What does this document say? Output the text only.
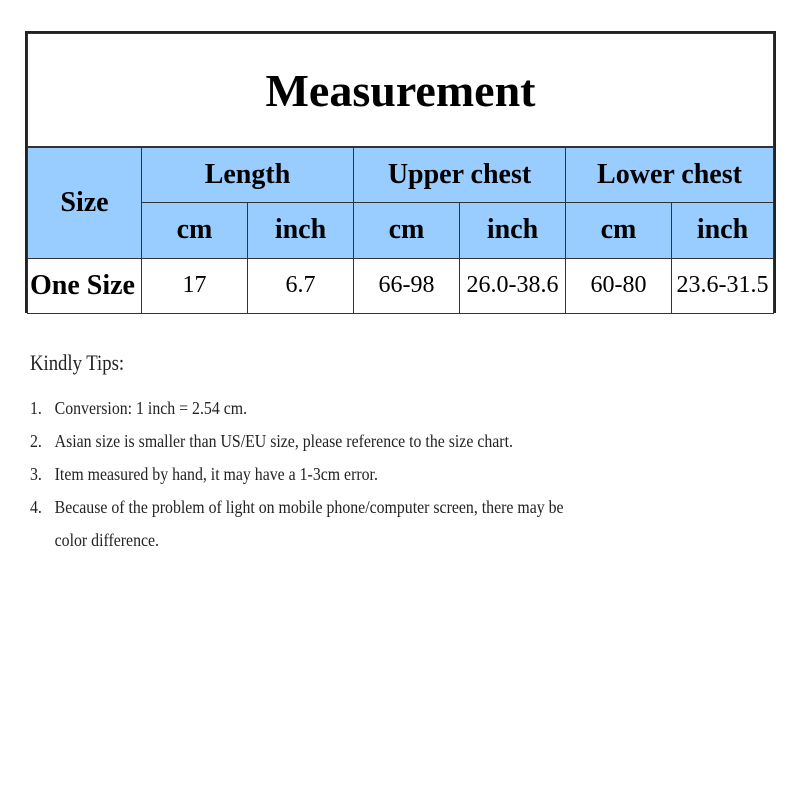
Measurement						
Size	Length		Upper chest		Lower chest	
	cm	inch	cm	inch	cm	inch
One Size	17	6.7	66-98	26.0-38.6	60-80	23.6-31.5
Kindly Tips:
1. Conversion: 1 inch = 2.54 cm.
2. Asian size is smaller than US/EU size, please reference to the size chart.
3. Item measured by hand, it may have a 1-3cm error.
4. Because of the problem of light on mobile phone/computer screen, there may be
color difference.
